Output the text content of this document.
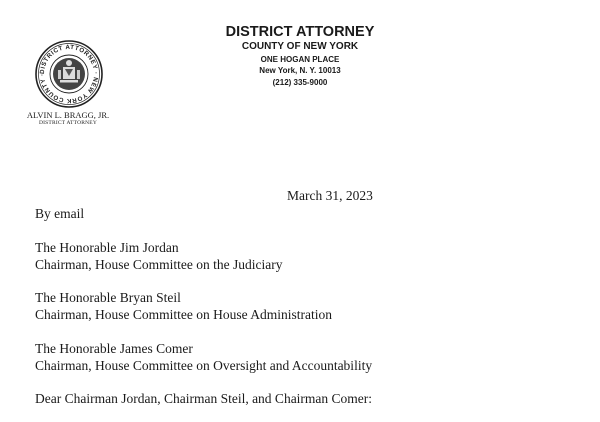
DISTRICT ATTORNEY · NEW YORK COUNTY ·
ALVIN L. BRAGG, JR.
DISTRICT ATTORNEY
DISTRICT ATTORNEY
COUNTY OF NEW YORK
ONE HOGAN PLACE
New York, N. Y. 10013
(212) 335-9000
March 31, 2023
By email
The Honorable Jim Jordan
Chairman, House Committee on the Judiciary
The Honorable Bryan Steil
Chairman, House Committee on House Administration
The Honorable James Comer
Chairman, House Committee on Oversight and Accountability
Dear Chairman Jordan, Chairman Steil, and Chairman Comer:
